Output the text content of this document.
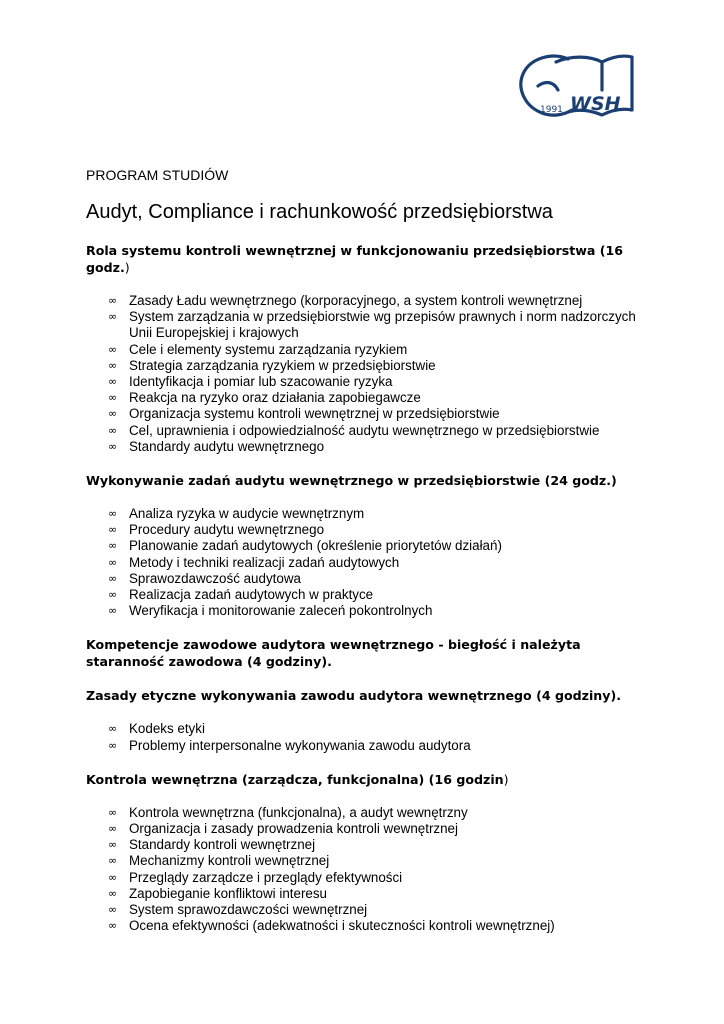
1991 WSH
PROGRAM STUDIÓW
Audyt, Compliance i rachunkowość przedsiębiorstwa

Rola systemu kontroli wewnętrznej w funkcjonowaniu przedsiębiorstwa (16 godz.)

∞ Zasady Ładu wewnętrznego (korporacyjnego, a system kontroli wewnętrznej
∞ System zarządzania w przedsiębiorstwie wg przepisów prawnych i norm nadzorczych Unii Europejskiej i krajowych
∞ Cele i elementy systemu zarządzania ryzykiem
∞ Strategia zarządzania ryzykiem w przedsiębiorstwie
∞ Identyfikacja i pomiar lub szacowanie ryzyka
∞ Reakcja na ryzyko oraz działania zapobiegawcze
∞ Organizacja systemu kontroli wewnętrznej w przedsiębiorstwie
∞ Cel, uprawnienia i odpowiedzialność audytu wewnętrznego w przedsiębiorstwie
∞ Standardy audytu wewnętrznego

Wykonywanie zadań audytu wewnętrznego w przedsiębiorstwie (24 godz.)

∞ Analiza ryzyka w audycie wewnętrznym
∞ Procedury audytu wewnętrznego
∞ Planowanie zadań audytowych (określenie priorytetów działań)
∞ Metody i techniki realizacji zadań audytowych
∞ Sprawozdawczość audytowa
∞ Realizacja zadań audytowych w praktyce
∞ Weryfikacja i monitorowanie zaleceń pokontrolnych

Kompetencje zawodowe audytora wewnętrznego - biegłość i należyta staranność zawodowa (4 godziny).

Zasady etyczne wykonywania zawodu audytora wewnętrznego (4 godziny).

∞ Kodeks etyki
∞ Problemy interpersonalne wykonywania zawodu audytora

Kontrola wewnętrzna (zarządcza, funkcjonalna) (16 godzin)

∞ Kontrola wewnętrzna (funkcjonalna), a audyt wewnętrzny
∞ Organizacja i zasady prowadzenia kontroli wewnętrznej
∞ Standardy kontroli wewnętrznej
∞ Mechanizmy kontroli wewnętrznej
∞ Przeglądy zarządcze i przeglądy efektywności
∞ Zapobieganie konfliktowi interesu
∞ System sprawozdawczości wewnętrznej
∞ Ocena efektywności (adekwatności i skuteczności kontroli wewnętrznej)
